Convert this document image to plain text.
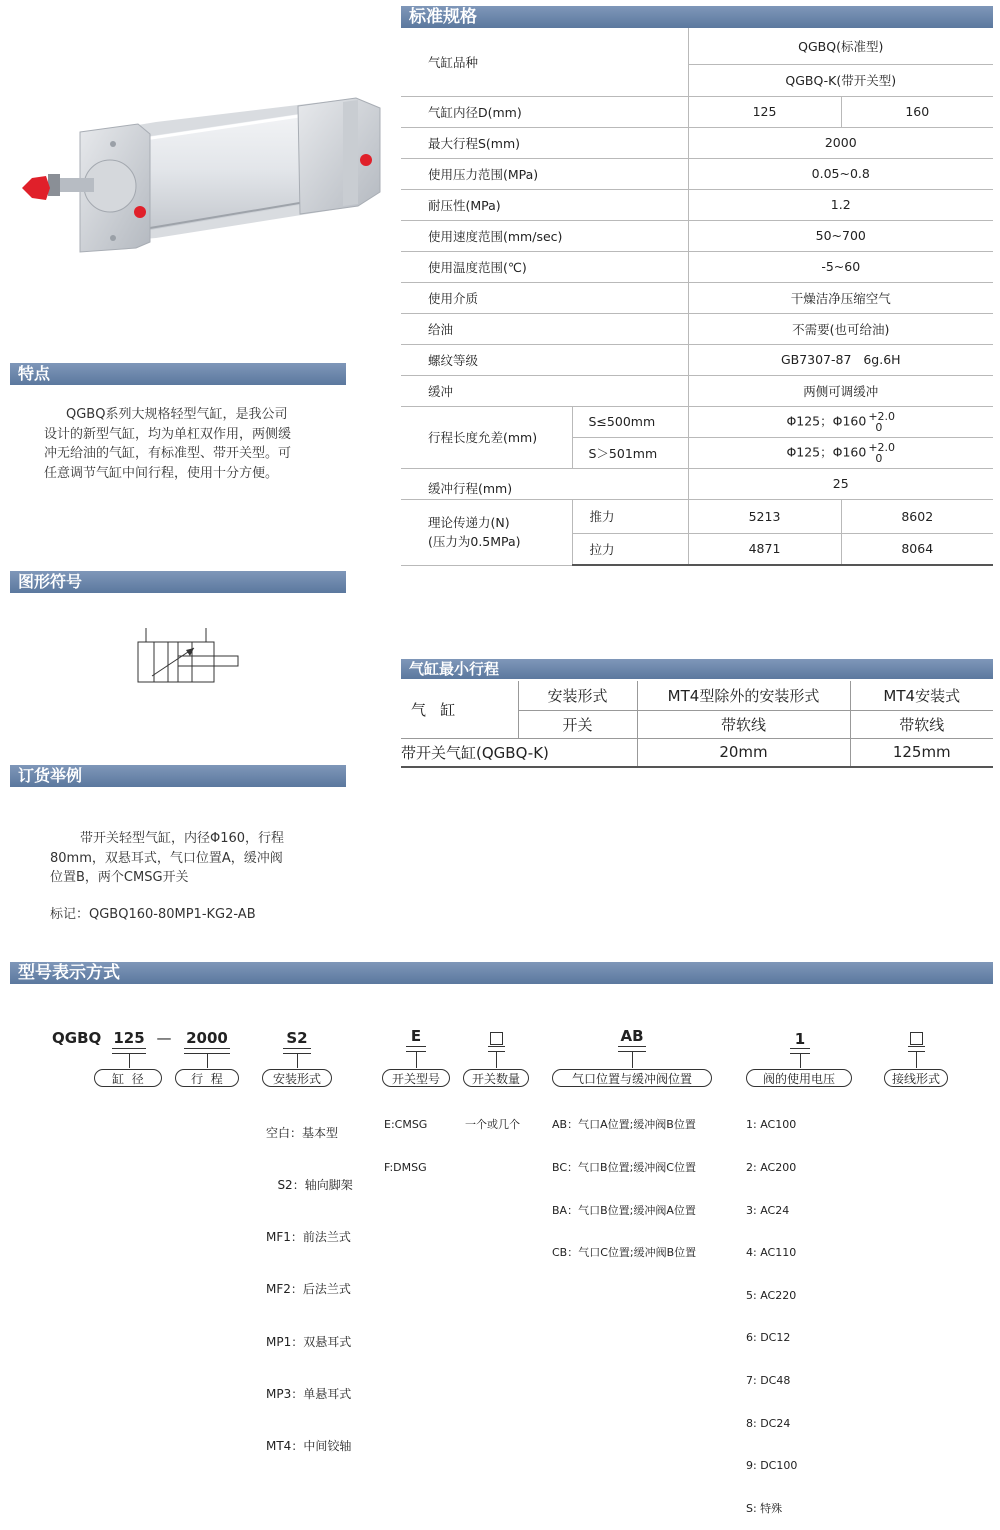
特点
QGBQ系列大规格轻型气缸，是我公司
设计的新型气缸，均为单杠双作用，两侧缓
冲无给油的气缸，有标准型、带开关型。可
任意调节气缸中间行程，使用十分方便。
图形符号
订货举例
带开关轻型气缸，内径Φ160，行程
80mm，双悬耳式，气口位置A，缓冲阀
位置B，两个CMSG开关
标记：QGBQ160-80MP1-KG2-AB
标准规格
气缸品种		QGBQ(标准型)	
		QGBQ-K(带开关型)	
气缸内径D(mm)		125	160
最大行程S(mm)		2000	
使用压力范围(MPa)		0.05~0.8	
耐压性(MPa)		1.2	
使用速度范围(mm/sec)		50~700	
使用温度范围(℃)		-5~60	
使用介质		干燥洁净压缩空气	
给油		不需要(也可给油)	
螺纹等级		GB7307-87   6g.6H	
缓冲		两侧可调缓冲	
行程长度允差(mm)	S≤500mm	Φ125；Φ160 +2.0
0	

	S＞501mm	Φ125；Φ160 +2.0
0	

缓冲行程(mm)		25	

理论传递力(N)
(压力为0.5MPa)	推力	5213	8602
	拉力	4871	8064
气缸最小行程
气   缸	安装形式	MT4型除外的安装形式	MT4安装式
	开关	带软线	带软线
带开关气缸(QGBQ-K)		20mm	125mm
型号表示方式
QGBQ 125
缸  径
— 2000
行  程
S2
安装形式

空白：基本型

S2：轴向脚架

MF1：前法兰式

MF2：后法兰式

MP1：双悬耳式

MP3：单悬耳式

MT4：中间铰轴

E
开关型号

E:CMSG

F:DMSG

开关数量

一个或几个

AB
气口位置与缓冲阀位置

AB：气口A位置;缓冲阀B位置

BC：气口B位置;缓冲阀C位置

BA：气口B位置;缓冲阀A位置

CB：气口C位置;缓冲阀B位置

1
阀的使用电压

1: AC100

2: AC200

3: AC24

4: AC110

5: AC220

6: DC12

7: DC48

8: DC24

9: DC100

S: 特殊

接线形式
